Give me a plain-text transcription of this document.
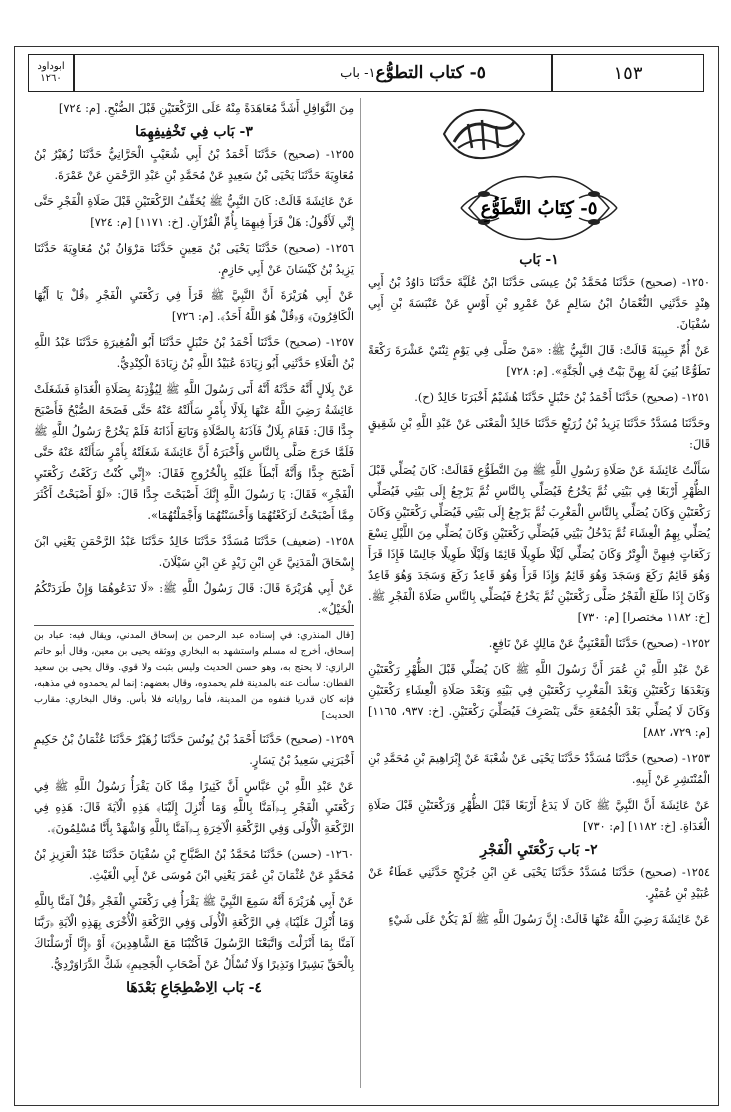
١٥٣
١- باب ٥- كتاب التطوُّع
ابوداود
١٢٦٠
٥- كِتَابُ التَّطَوُّعِ
١- بَاب

١٢٥٠- (صحيح) حَدَّثَنَا مُحَمَّدُ بْنُ عِيسَى حَدَّثَنَا ابْنُ عُلَيَّةَ حَدَّثَنَا دَاوُدُ بْنُ أَبِي هِنْدٍ حَدَّثَنِي النُّعْمَانُ ابْنُ سَالِمٍ عَنْ عَمْرِو بْنِ أَوْسٍ عَنْ عَنْبَسَةَ بْنِ أَبِي سُفْيَانَ.

عَنْ أُمِّ حَبِيبَةَ قَالَتْ: قَالَ النَّبِيُّ ﷺ: «مَنْ صَلَّى فِي يَوْمٍ ثِنْتَيْ عَشْرَةَ رَكْعَةً تَطَوُّعًا بُنِيَ لَهُ بِهِنَّ بَيْتٌ فِي الْجَنَّةِ». [م: ٧٢٨]

١٢٥١- (صحيح) حَدَّثَنَا أَحْمَدُ بْنُ حَنْبَلٍ حَدَّثَنَا هُشَيْمٌ أَخْبَرَنَا خَالِدٌ (ح).

وحَدَّثَنَا مُسَدَّدٌ حَدَّثَنَا يَزِيدُ بْنُ زُرَيْعٍ حَدَّثَنَا خَالِدٌ الْمَعْنَى عَنْ عَبْدِ اللَّهِ بْنِ شَقِيقٍ قَالَ:

سَأَلْتُ عَائِشَةَ عَنْ صَلَاةِ رَسُولِ اللَّهِ ﷺ مِنَ التَّطَوُّعِ فَقَالَتْ: كَانَ يُصَلِّي قَبْلَ الظُّهْرِ أَرْبَعًا فِي بَيْتِي ثُمَّ يَخْرُجُ فَيُصَلِّي بِالنَّاسِ ثُمَّ يَرْجِعُ إِلَى بَيْتِي فَيُصَلِّي رَكْعَتَيْنِ وَكَانَ يُصَلِّي بِالنَّاسِ الْمَغْرِبَ ثُمَّ يَرْجِعُ إِلَى بَيْتِي فَيُصَلِّي رَكْعَتَيْنِ وَكَانَ يُصَلِّي بِهِمُ الْعِشَاءَ ثُمَّ يَدْخُلُ بَيْتِي فَيُصَلِّي رَكْعَتَيْنِ وَكَانَ يُصَلِّي مِنَ اللَّيْلِ تِسْعَ رَكَعَاتٍ فِيهِنَّ الْوِتْرُ وَكَانَ يُصَلِّي لَيْلًا طَوِيلًا قَائِمًا وَلَيْلًا طَوِيلًا جَالِسًا فَإِذَا قَرَأَ وَهُوَ قَائِمٌ رَكَعَ وَسَجَدَ وَهُوَ قَائِمٌ وَإِذَا قَرَأَ وَهُوَ قَاعِدٌ رَكَعَ وَسَجَدَ وَهُوَ قَاعِدٌ وَكَانَ إِذَا طَلَعَ الْفَجْرُ صَلَّى رَكْعَتَيْنِ ثُمَّ يَخْرُجُ فَيُصَلِّي بِالنَّاسِ صَلَاةَ الْفَجْرِ ﷺ. [خ: ١١٨٢ مختصرا] [م: ٧٣٠]

١٢٥٢- (صحيح) حَدَّثَنَا الْقَعْنَبِيُّ عَنْ مَالِكٍ عَنْ نَافِعٍ.

عَنْ عَبْدِ اللَّهِ بْنِ عُمَرَ أَنَّ رَسُولَ اللَّهِ ﷺ كَانَ يُصَلِّي قَبْلَ الظُّهْرِ رَكْعَتَيْنِ وَبَعْدَهَا رَكْعَتَيْنِ وَبَعْدَ الْمَغْرِبِ رَكْعَتَيْنِ فِي بَيْتِهِ وَبَعْدَ صَلَاةِ الْعِشَاءِ رَكْعَتَيْنِ وَكَانَ لَا يُصَلِّي بَعْدَ الْجُمُعَةِ حَتَّى يَنْصَرِفَ فَيُصَلِّيَ رَكْعَتَيْنِ. [خ: ٩٣٧، ١١٦٥] [م: ٧٢٩، ٨٨٢]

١٢٥٣- (صحيح) حَدَّثَنَا مُسَدَّدٌ حَدَّثَنَا يَحْيَى عَنْ شُعْبَةَ عَنْ إِبْرَاهِيمَ بْنِ مُحَمَّدِ بْنِ الْمُنْتَشِرِ عَنْ أَبِيهِ.

عَنْ عَائِشَةَ أَنَّ النَّبِيَّ ﷺ كَانَ لَا يَدَعُ أَرْبَعًا قَبْلَ الظُّهْرِ وَرَكْعَتَيْنِ قَبْلَ صَلَاةِ الْغَدَاةِ. [خ: ١١٨٢] [م: ٧٣٠]

٢- بَاب رَكْعَتَيِ الْفَجْرِ

١٢٥٤- (صحيح) حَدَّثَنَا مُسَدَّدٌ حَدَّثَنَا يَحْيَى عَنِ ابْنِ جُرَيْجٍ حَدَّثَنِي عَطَاءٌ عَنْ عُبَيْدِ بْنِ عُمَيْرٍ.

عَنْ عَائِشَةَ رَضِيَ اللَّهُ عَنْهَا قَالَتْ: إِنَّ رَسُولَ اللَّهِ ﷺ لَمْ يَكُنْ عَلَى شَيْءٍ

مِنَ النَّوَافِلِ أَشَدَّ مُعَاهَدَةً مِنْهُ عَلَى الرَّكْعَتَيْنِ قَبْلَ الصُّبْحِ. [م: ٧٢٤]

٣- بَاب فِي تَخْفِيفِهِمَا

١٢٥٥- (صحيح) حَدَّثَنَا أَحْمَدُ بْنُ أَبِي شُعَيْبٍ الْحَرَّانِيُّ حَدَّثَنَا زُهَيْرُ بْنُ مُعَاوِيَةَ حَدَّثَنَا يَحْيَى بْنُ سَعِيدٍ عَنْ مُحَمَّدِ بْنِ عَبْدِ الرَّحْمَنِ عَنْ عَمْرَةَ.

عَنْ عَائِشَةَ قَالَتْ: كَانَ النَّبِيُّ ﷺ يُخَفِّفُ الرَّكْعَتَيْنِ قَبْلَ صَلَاةِ الْفَجْرِ حَتَّى إِنِّي لَأَقُولُ: هَلْ قَرَأَ فِيهِمَا بِأُمِّ الْقُرْآنِ. [خ: ١١٧١] [م: ٧٢٤]

١٢٥٦- (صحيح) حَدَّثَنَا يَحْيَى بْنُ مَعِينٍ حَدَّثَنَا مَرْوَانُ بْنُ مُعَاوِيَةَ حَدَّثَنَا يَزِيدُ بْنُ كَيْسَانَ عَنْ أَبِي حَازِمٍ.

عَنْ أَبِي هُرَيْرَةَ أَنَّ النَّبِيَّ ﷺ قَرَأَ فِي رَكْعَتَيِ الْفَجْرِ ﴿قُلْ يَا أَيُّهَا الْكَافِرُونَ﴾ وَ﴿قُلْ هُوَ اللَّهُ أَحَدٌ﴾. [م: ٧٢٦]

١٢٥٧- (صحيح) حَدَّثَنَا أَحْمَدُ بْنُ حَنْبَلٍ حَدَّثَنَا أَبُو الْمُغِيرَةِ حَدَّثَنَا عَبْدُ اللَّهِ بْنُ الْعَلَاءِ حَدَّثَنِي أَبُو زِيَادَةَ عُبَيْدُ اللَّهِ بْنُ زِيَادَةَ الْكِنْدِيُّ.

عَنْ بِلَالٍ أَنَّهُ حَدَّثَهُ أَنَّهُ أَتَى رَسُولَ اللَّهِ ﷺ لِيُؤْذِنَهُ بِصَلَاةِ الْغَدَاةِ فَشَغَلَتْ عَائِشَةُ رَضِيَ اللَّهُ عَنْهَا بِلَالًا بِأَمْرٍ سَأَلَتْهُ عَنْهُ حَتَّى فَضَحَهُ الصُّبْحُ فَأَصْبَحَ جِدًّا قَالَ: فَقَامَ بِلَالٌ فَآذَنَهُ بِالصَّلَاةِ وَتَابَعَ أَذَانَهُ فَلَمْ يَخْرُجْ رَسُولُ اللَّهِ ﷺ فَلَمَّا خَرَجَ صَلَّى بِالنَّاسِ وَأَخْبَرَهُ أَنَّ عَائِشَةَ شَغَلَتْهُ بِأَمْرٍ سَأَلَتْهُ عَنْهُ حَتَّى أَصْبَحَ جِدًّا وَأَنَّهُ أَبْطَأَ عَلَيْهِ بِالْخُرُوجِ فَقَالَ: «إِنِّي كُنْتُ رَكَعْتُ رَكْعَتَيِ الْفَجْرِ» فَقَالَ: يَا رَسُولَ اللَّهِ إِنَّكَ أَصْبَحْتَ جِدًّا قَالَ: «لَوْ أَصْبَحْتُ أَكْثَرَ مِمَّا أَصْبَحْتُ لَرَكَعْتُهُمَا وَأَحْسَنْتُهُمَا وَأَجْمَلْتُهُمَا».

١٢٥٨- (ضعيف) حَدَّثَنَا مُسَدَّدٌ حَدَّثَنَا خَالِدٌ حَدَّثَنَا عَبْدُ الرَّحْمَنِ يَعْنِي ابْنَ إِسْحَاقَ الْمَدَنِيَّ عَنِ ابْنِ زَيْدٍ عَنِ ابْنِ سَيْلَانَ.

عَنْ أَبِي هُرَيْرَةَ قَالَ: قَالَ رَسُولُ اللَّهِ ﷺ: «لَا تَدَعُوهُمَا وَإِنْ طَرَدَتْكُمُ الْخَيْلُ».

[قال المنذري: في إسناده عبد الرحمن بن إسحاق المدني، ويقال فيه: عباد بن إسحاق، أخرج له مسلم واستشهد به البخاري ووثقه يحيى بن معين، وقال أبو حاتم الرازي: لا يحتج به، وهو حسن الحديث وليس بثبت ولا قوي. وقال يحيى بن سعيد القطان: سألت عنه بالمدينة فلم يحمدوه، وقال بعضهم: إنما لم يحمدوه في مذهبه، فإنه كان قدريا فنفوه من المدينة، فأما رواياته فلا بأس. وقال البخاري: مقارب الحديث]

١٢٥٩- (صحيح) حَدَّثَنَا أَحْمَدُ بْنُ يُونُسَ حَدَّثَنَا زُهَيْرٌ حَدَّثَنَا عُثْمَانُ بْنُ حَكِيمٍ أَخْبَرَنِي سَعِيدُ بْنُ يَسَارٍ.

عَنْ عَبْدِ اللَّهِ بْنِ عَبَّاسٍ أَنَّ كَثِيرًا مِمَّا كَانَ يَقْرَأُ رَسُولُ اللَّهِ ﷺ فِي رَكْعَتَيِ الْفَجْرِ بِـ﴿آمَنَّا بِاللَّهِ وَمَا أُنْزِلَ إِلَيْنَا﴾ هَذِهِ الْآيَةَ قَالَ: هَذِهِ فِي الرَّكْعَةِ الْأُولَى وَفِي الرَّكْعَةِ الْآخِرَةِ بِـ﴿آمَنَّا بِاللَّهِ وَاشْهَدْ بِأَنَّا مُسْلِمُونَ﴾.

١٢٦٠- (حسن) حَدَّثَنَا مُحَمَّدُ بْنُ الصَّبَّاحِ بْنِ سُفْيَانَ حَدَّثَنَا عَبْدُ الْعَزِيزِ بْنُ مُحَمَّدٍ عَنْ عُثْمَانَ بْنِ عُمَرَ يَعْنِي ابْنَ مُوسَى عَنْ أَبِي الْغَيْثِ.

عَنْ أَبِي هُرَيْرَةَ أَنَّهُ سَمِعَ النَّبِيَّ ﷺ يَقْرَأُ فِي رَكْعَتَيِ الْفَجْرِ ﴿قُلْ آمَنَّا بِاللَّهِ وَمَا أُنْزِلَ عَلَيْنَا﴾ فِي الرَّكْعَةِ الْأُولَى وَفِي الرَّكْعَةِ الْأُخْرَى بِهَذِهِ الْآيَةِ ﴿رَبَّنَا آمَنَّا بِمَا أَنْزَلْتَ وَاتَّبَعْنَا الرَّسُولَ فَاكْتُبْنَا مَعَ الشَّاهِدِينَ﴾ أَوْ ﴿إِنَّا أَرْسَلْنَاكَ بِالْحَقِّ بَشِيرًا وَنَذِيرًا وَلَا تُسْأَلُ عَنْ أَصْحَابِ الْجَحِيمِ﴾ شَكَّ الدَّرَاوَرْدِيُّ.

٤- بَاب الِاضْطِجَاعِ بَعْدَهَا
